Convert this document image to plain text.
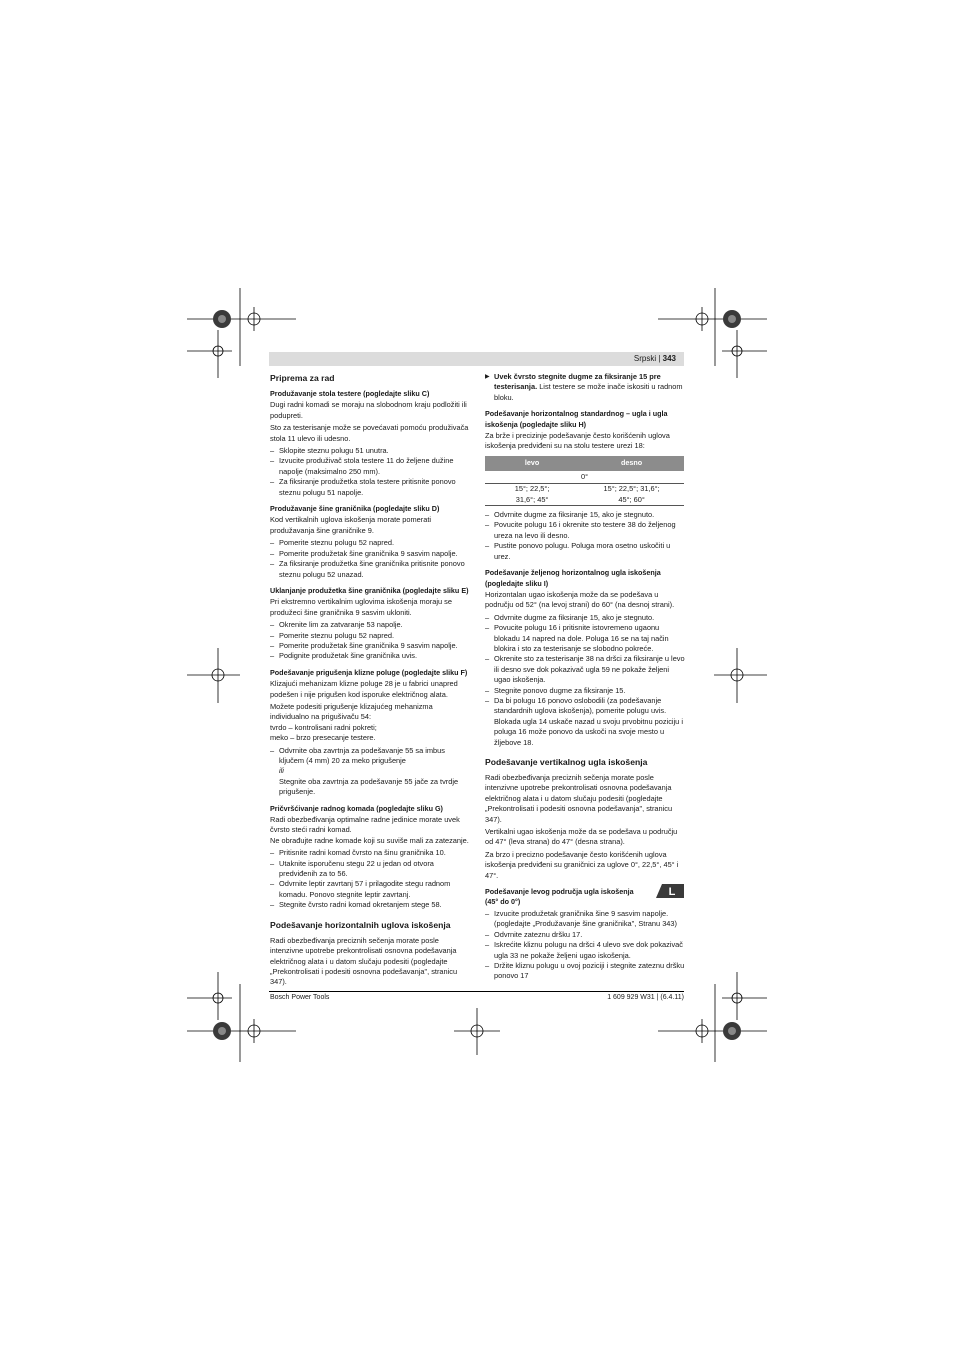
Srpski | 343
Priprema za rad
Produžavanje stola testere (pogledajte sliku C)

Dugi radni komadi se moraju na slobodnom kraju podložiti ili podupreti.

Sto za testerisanje može se povećavati pomoću produživača stola 11 ulevo ili udesno.

– Sklopite steznu polugu 51 unutra.
– Izvucite produživač stola testere 11 do željene dužine napolje (maksimalno 250 mm).
– Za fiksiranje produžetka stola testere pritisnite ponovo steznu polugu 51 napolje.
Produžavanje šine graničnika (pogledajte sliku D)

Kod vertikalnih uglova iskošenja morate pomerati produžavanja šine graničnike 9.

– Pomerite steznu polugu 52 napred.
– Pomerite produžetak šine graničnika 9 sasvim napolje.
– Za fiksiranje produžetka šine graničnika pritisnite ponovo steznu polugu 52 unazad.
Uklanjanje produžetka šine graničnika (pogledajte sliku E)

Pri ekstremno vertikalnim uglovima iskošenja moraju se produžeci šine graničnika 9 sasvim ukloniti.

– Okrenite lim za zatvaranje 53 napolje.
– Pomerite steznu polugu 52 napred.
– Pomerite produžetak šine graničnika 9 sasvim napolje.
– Podignite produžetak šine graničnika uvis.
Podešavanje prigušenja klizne poluge (pogledajte sliku F)

Klizajući mehanizam klizne poluge 28 je u fabrici unapred podešen i nije prigušen kod isporuke električnog alata.

Možete podesiti prigušenje klizajućeg mehanizma individualno na prigušivaču 54:

tvrdo – kontrolisani radni pokreti;

meko – brzo presecanje testere.

– Odvrnite oba zavrtnja za podešavanje 55 sa imbus ključem (4 mm) 20 za meko prigušenje
ili
Stegnite oba zavrtnja za podešavanje 55 jače za tvrdje prigušenje.
Pričvršćivanje radnog komada (pogledajte sliku G)

Radi obezbeđivanja optimalne radne jedinice morate uvek čvrsto steći radni komad.

Ne obrađujte radne komade koji su suviše mali za zatezanje.

– Pritisnite radni komad čvrsto na šinu graničnika 10.
– Utaknite isporučenu stegu 22 u jedan od otvora predviđenih za to 56.
– Odvrnite leptir zavrtanj 57 i prilagodite stegu radnom komadu. Ponovo stegnite leptir zavrtanj.
– Stegnite čvrsto radni komad okretanjem stege 58.
Podešavanje horizontalnih uglova iskošenja

Radi obezbeđivanja preciznih sečenja morate posle intenzivne upotrebe prekontrolisati osnovna podešavanja električnog alata i u datom slučaju podesiti (pogledajte „Prekontrolisati i podesiti osnovna podešavanja", stranicu 347).

▶ Uvek čvrsto stegnite dugme za fiksiranje 15 pre testerisanja. List testere se može inače iskositi u radnom bloku.
Podešavanje horizontalnog standardnog – ugla i ugla iskošenja (pogledajte sliku H)

Za brže i precizinje podešavanje često korišćenih uglova iskošenja predviđeni su na stolu testere urezi 18:

levo	desno
0°	
15°; 22,5°; 31,6°; 45°	15°; 22,5°; 31,6°; 45°; 60°
– Odvrnite dugme za fiksiranje 15, ako je stegnuto.
– Povucite polugu 16 i okrenite sto testere 38 do željenog ureza na levo ili desno.
– Pustite ponovo polugu. Poluga mora osetno uskočiti u urez.
Podešavanje željenog horizontalnog ugla iskošenja (pogledajte sliku I)

Horizontalan ugao iskošenja može da se podešava u području od 52° (na levoj strani) do 60° (na desnoj strani).

– Odvrnite dugme za fiksiranje 15, ako je stegnuto.
– Povucite polugu 16 i pritisnite istovremeno ugaonu blokadu 14 napred na dole. Poluga 16 se na taj način blokira i sto za testerisanje se slobodno pokreće.
– Okrenite sto za testerisanje 38 na dršci za fiksiranje u levo ili desno sve dok pokazivač ugla 59 ne pokaže željeni ugao iskošenja.
– Stegnite ponovo dugme za fiksiranje 15.
– Da bi polugu 16 ponovo oslobodili (za podešavanje standardnih uglova iskošenja), pomerite polugu uvis. Blokada ugla 14 uskače nazad u svoju prvobitnu poziciju i poluga 16 može ponovo da uskoči na svoje mesto u žljebove 18.
Podešavanje vertikalnog ugla iskošenja

Radi obezbeđivanja preciznih sečenja morate posle intenzivne upotrebe prekontrolisati osnovna podešavanja električnog alata i u datom slučaju podesiti (pogledajte „Prekontrolisati i podesiti osnovna podešavanja", stranicu 347).

Vertikalni ugao iskošenja može da se podešava u području od 47° (leva strana) do 47° (desna strana).

Za brzo i precizno podešavanje često korišćenih uglova iskošenja predviđeni su graničnici za uglove 0°, 22,5°, 45° i 47°.

Podešavanje levog područja ugla iskošenja (45° do 0°)
– Izvucite produžetak graničnika šine 9 sasvim napolje. (pogledajte „Produžavanje šine graničnika", Stranu 343)
– Odvrnite zateznu dršku 17.
– Iskrećite kliznu polugu na dršci 4 ulevo sve dok pokazivač ugla 33 ne pokaže željeni ugao iskošenja.
– Držite kliznu polugu u ovoj poziciji i stegnite zateznu dršku ponovo 17
L
Bosch Power Tools	1 609 929 W31 | (6.4.11)
